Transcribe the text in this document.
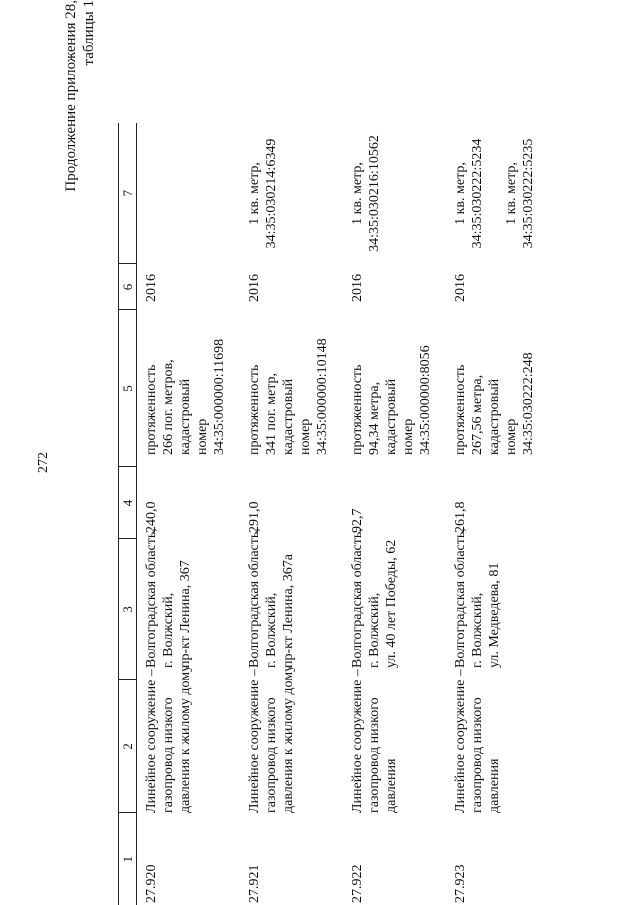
272
Продолжение приложения 28, таблицы 1
1	2	3	4	5	6	7

27.920	Линейное сооружение – газопровод низкого давления к жилому дому	Волгоградская область, г. Волжский, пр-кт Ленина, 367	240,0	протяженность 266 пог. метров, кадастровый номер 34:35:000000:11698	2016	

27.921	Линейное сооружение – газопровод низкого давления к жилому дому	Волгоградская область, г. Волжский, пр-кт Ленина, 367а	291,0	протяженность 341 пог. метр, кадастровый номер 34:35:000000:10148	2016	1 кв. метр, 34:35:030214:6349

27.922	Линейное сооружение – газопровод низкого давления	Волгоградская область, г. Волжский, ул. 40 лет Победы, 62	92,7	протяженность 94,34 метра, кадастровый номер 34:35:000000:8056	2016	1 кв. метр, 34:35:030216:10562

27.923	Линейное сооружение – газопровод низкого давления	Волгоградская область, г. Волжский, ул. Медведева, 81	261,8	протяженность 267,56 метра, кадастровый номер 34:35:030222:248	2016	1 кв. метр, 34:35:030222:5234 1 кв. метр, 34:35:030222:5235
